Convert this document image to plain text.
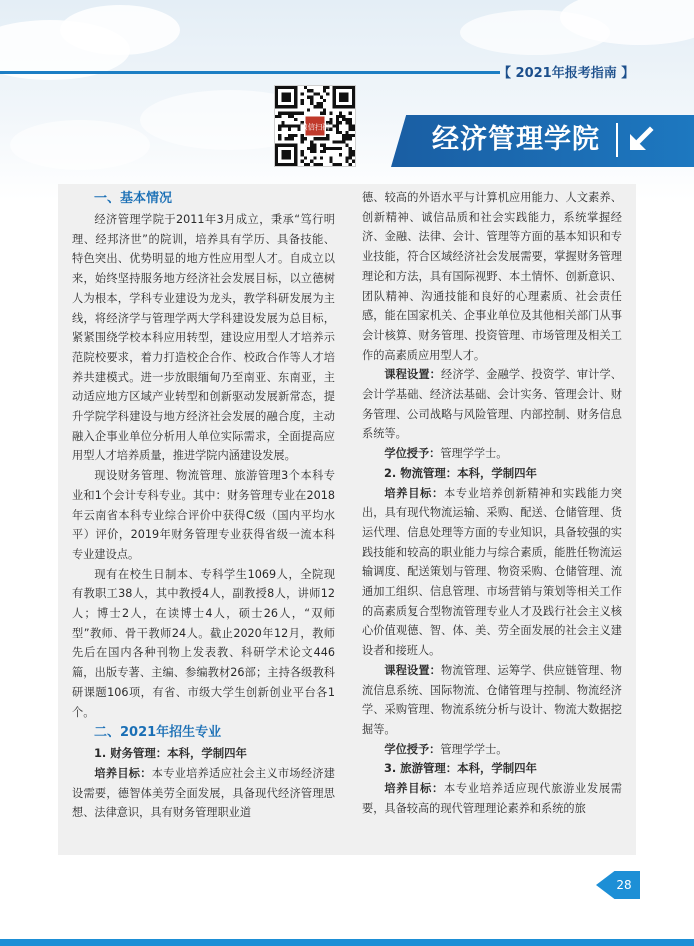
【 2021年报考指南 】
微信扫码	经济管理学院
一、基本情况

经济管理学院于2011年3月成立，秉承“笃行明理、经邦济世”的院训，培养具有学历、具备技能、特色突出、优势明显的地方性应用型人才。自成立以来，始终坚持服务地方经济社会发展目标，以立德树人为根本，学科专业建设为龙头，教学科研发展为主线，将经济学与管理学两大学科建设发展为总目标，紧紧围绕学校本科应用转型，建设应用型人才培养示范院校要求，着力打造校企合作、校政合作等人才培养共建模式。进一步放眼缅甸乃至南亚、东南亚，主动适应地方区域产业转型和创新驱动发展新常态，提升学院学科建设与地方经济社会发展的融合度，主动融入企事业单位分析用人单位实际需求，全面提高应用型人才培养质量，推进学院内涵建设发展。

现设财务管理、物流管理、旅游管理3个本科专业和1个会计专科专业。其中：财务管理专业在2018年云南省本科专业综合评价中获得C级（国内平均水平）评价，2019年财务管理专业获得省级一流本科专业建设点。

现有在校生日制本、专科学生1069人，全院现有教职工38人，其中教授4人，副教授8人，讲师12人；博士2人，在读博士4人，硕士26人，“双师型”教师、骨干教师24人。截止2020年12月，教师先后在国内各种刊物上发表教、科研学术论文446篇，出版专著、主编、参编教材26部；主持各级教科研课题106项，有省、市级大学生创新创业平台各1个。

二、2021年招生专业
1. 财务管理：本科，学制四年

培养目标：本专业培养适应社会主义市场经济建设需要，德智体美劳全面发展，具备现代经济管理思想、法律意识，具有财务管理职业道

德、较高的外语水平与计算机应用能力、人文素养、创新精神、诚信品质和社会实践能力，系统掌握经济、金融、法律、会计、管理等方面的基本知识和专业技能，符合区域经济社会发展需要，掌握财务管理理论和方法，具有国际视野、本土情怀、创新意识、团队精神、沟通技能和良好的心理素质、社会责任感，能在国家机关、企事业单位及其他相关部门从事会计核算、财务管理、投资管理、市场管理及相关工作的高素质应用型人才。

课程设置：经济学、金融学、投资学、审计学、会计学基础、经济法基础、会计实务、管理会计、财务管理、公司战略与风险管理、内部控制、财务信息系统等。

学位授予：管理学学士。

2. 物流管理：本科，学制四年

培养目标：本专业培养创新精神和实践能力突出，具有现代物流运输、采购、配送、仓储管理、货运代理、信息处理等方面的专业知识，具备较强的实践技能和较高的职业能力与综合素质，能胜任物流运输调度、配送策划与管理、物资采购、仓储管理、流通加工组织、信息管理、市场营销与策划等相关工作的高素质复合型物流管理专业人才及践行社会主义核心价值观德、智、体、美、劳全面发展的社会主义建设者和接班人。

课程设置：物流管理、运筹学、供应链管理、物流信息系统、国际物流、仓储管理与控制、物流经济学、采购管理、物流系统分析与设计、物流大数据挖掘等。

学位授予：管理学学士。

3. 旅游管理：本科，学制四年

培养目标：本专业培养适应现代旅游业发展需要，具备较高的现代管理理论素养和系统的旅

28
